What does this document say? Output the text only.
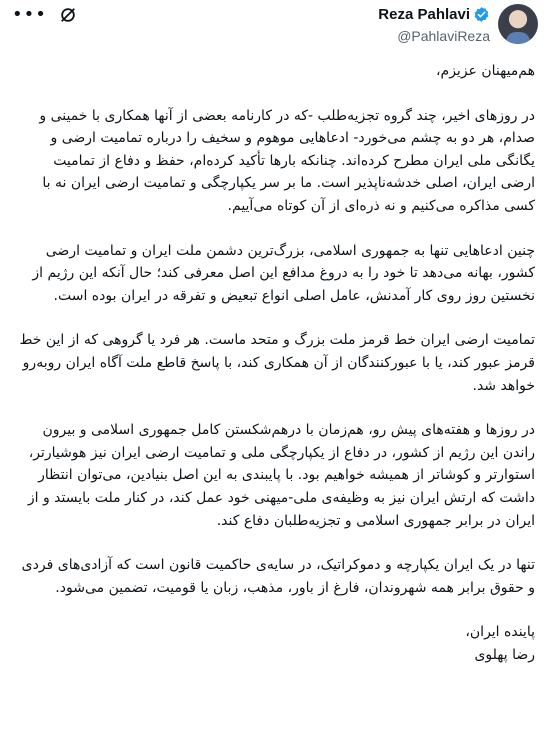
•••	Reza Pahlavi
@PahlaviReza

هم‌میهنان عزیزم،

در روزهای اخیر، چند گروه تجزیه‌طلب -که در کارنامه بعضی از آنها همکاری با خمینی و صدام، هر دو به چشم می‌خورد- ادعاهایی موهوم و سخیف را درباره تمامیت ارضی و یگانگی ملی ایران مطرح کرده‌اند. چنانکه بارها تأکید کرده‌ام، حفظ و دفاع از تمامیت ارضی ایران، اصلی خدشه‌ناپذیر است. ما بر سر یکپارچگی و تمامیت ارضی ایران نه با کسی مذاکره می‌کنیم و نه ذره‌ای از آن کوتاه می‌آییم.

چنین ادعاهایی تنها به جمهوری اسلامی، بزرگ‌ترین دشمن ملت ایران و تمامیت ارضی کشور، بهانه می‌دهد تا خود را به دروغ مدافع این اصل معرفی کند؛ حال آنکه این رژیم از نخستین روز روی کار آمدنش، عامل اصلی انواع تبعیض و تفرقه در ایران بوده است.

تمامیت ارضی ایران خط قرمز ملت بزرگ و متحد ماست. هر فرد یا گروهی که از این خط قرمز عبور کند، یا با عبورکنندگان از آن همکاری کند، با پاسخ قاطع ملت آگاه ایران روبه‌رو خواهد شد.

در روزها و هفته‌های پیش رو، هم‌زمان با درهم‌شکستن کامل جمهوری اسلامی و بیرون راندن این رژیم از کشور، در دفاع از یکپارچگی ملی و تمامیت ارضی ایران نیز هوشیارتر، استوارتر و کوشاتر از همیشه خواهیم بود. با پایبندی به این اصل بنیادین، می‌توان انتظار داشت که ارتش ایران نیز به وظیفه‌ی ملی-میهنی خود عمل کند، در کنار ملت بایستد و از ایران در برابر جمهوری اسلامی و تجزیه‌طلبان دفاع کند.

تنها در یک ایران یکپارچه و دموکراتیک، در سایه‌ی حاکمیت قانون است که آزادی‌های فردی و حقوق برابر همه شهروندان، فارغ از باور، مذهب، زبان یا قومیت، تضمین می‌شود.

پاینده ایران،

رضا پهلوی
